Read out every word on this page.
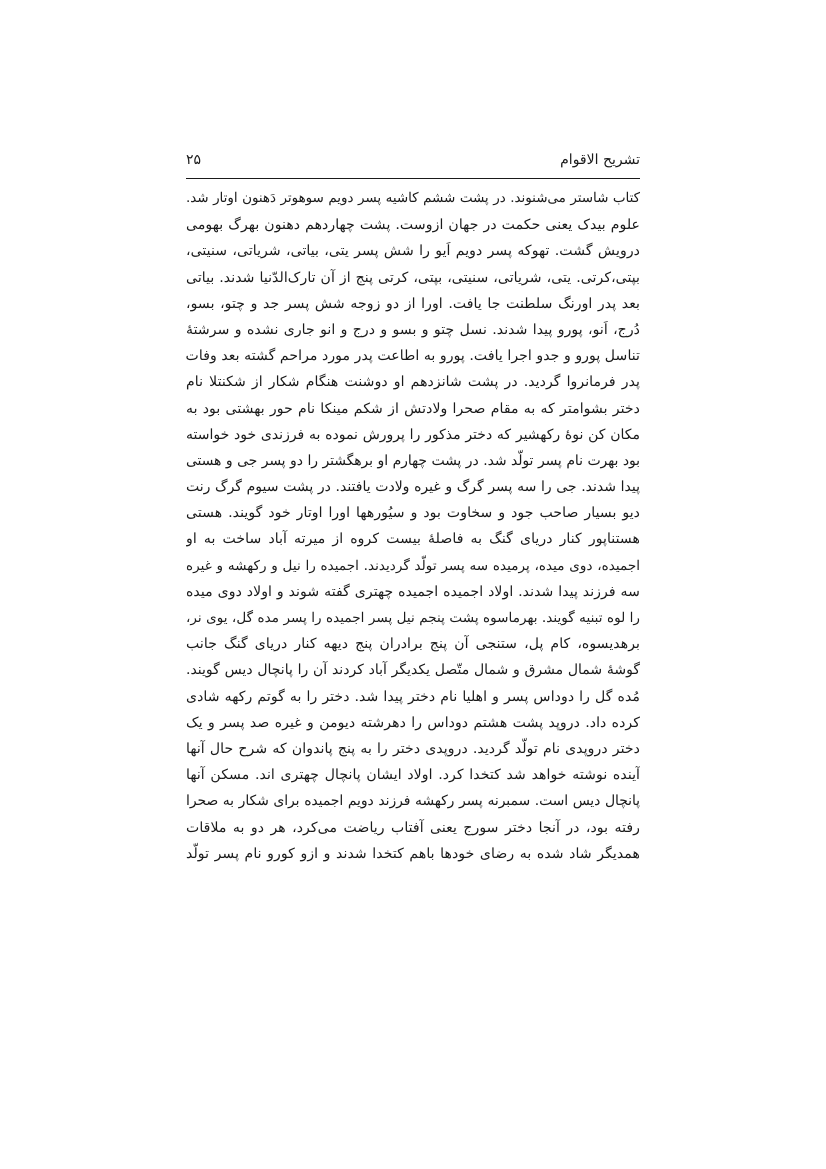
تشریح الاقوام
۲۵
کتاب شاستر می‌شنوند. در پشت ششم کاشیه پسر دویم سوهوتر دَهنون اوتار شد.
علوم بیدک یعنی حکمت در جهان ازوست. پشت چهاردهم دهنون بهرگ بهومی
درویش گشت. تهوکه پسر دویم اَیو را شش پسر یتی، بیاتی، شریاتی، سنیتی،
بپتی،کرتی. یتی، شریاتی، سنیتی، بپتی، کرتی پنج از آن تارک‌الدّنیا شدند. بیاتی
بعد پدر اورنگ سلطنت جا یافت. اورا از دو زوجه شش پسر جد و چتو، بسو،
دُرج، اَنو، پورو پیدا شدند. نسل چتو و بسو و درج و انو جاری نشده و سرشتهٔ
تناسل پورو و جدو اجرا یافت. پورو به اطاعت پدر مورد مراحم گشته بعد وفات
پدر فرمانروا گردید. در پشت شانزدهم او دوشنت هنگام شکار از شکنتلا نام
دختر بشوامتر که به مقام صحرا ولادتش از شکم مینکا نام حور بهشتی بود به
مکان کن نوهٔ رکهشیر که دختر مذکور را پرورش نموده به فرزندی خود خواسته
بود بهرت نام پسر تولّد شد. در پشت چهارم او برهگشتر را دو پسر جی و هستی
پیدا شدند. جی را سه پسر گرگ و غیره ولادت یافتند. در پشت سیوم گرگ رنت
دیو بسیار صاحب جود و سخاوت بود و سیُورهها اورا اوتار خود گویند. هستی
هستناپور کنار دریای گنگ به فاصلهٔ بیست کروه از میرته آباد ساخت به او
اجمیده، دوی میده، پرمیده سه پسر تولّد گردیدند. اجمیده را نیل و رکهشه و غیره
سه فرزند پیدا شدند. اولاد اجمیده اجمیده چهتری گفته شوند و اولاد دوی میده
را لوه تبنیه گویند. بهرماسوه پشت پنجم نیل پسر اجمیده را پسر مده گل، یوی نر،
برهدیسوه، کام پل، ستنجی آن پنج برادران پنج دیهه کنار دریای گنگ جانب
گوشهٔ شمال مشرق و شمال متّصل یکدیگر آباد کردند آن را پانچال دیس گویند.
مُده گل را دوداس پسر و اهلیا نام دختر پیدا شد. دختر را به گوتم رکهه شادی
کرده داد. دروپد پشت هشتم دوداس را دهرشته دیومن و غیره صد پسر و یک
دختر دروپدی نام تولّد گردید. دروپدی دختر را به پنج پاندوان که شرح حال آنها
آینده نوشته خواهد شد کتخدا کرد. اولاد ایشان پانچال چهتری اند. مسکن آنها
پانچال دیس است. سمبرنه پسر رکهشه فرزند دویم اجمیده برای شکار به صحرا
رفته بود، در آنجا دختر سورج یعنی آفتاب ریاضت می‌کرد، هر دو به ملاقات
همدیگر شاد شده به رضای خودها باهم کتخدا شدند و ازو کورو نام پسر تولّد
